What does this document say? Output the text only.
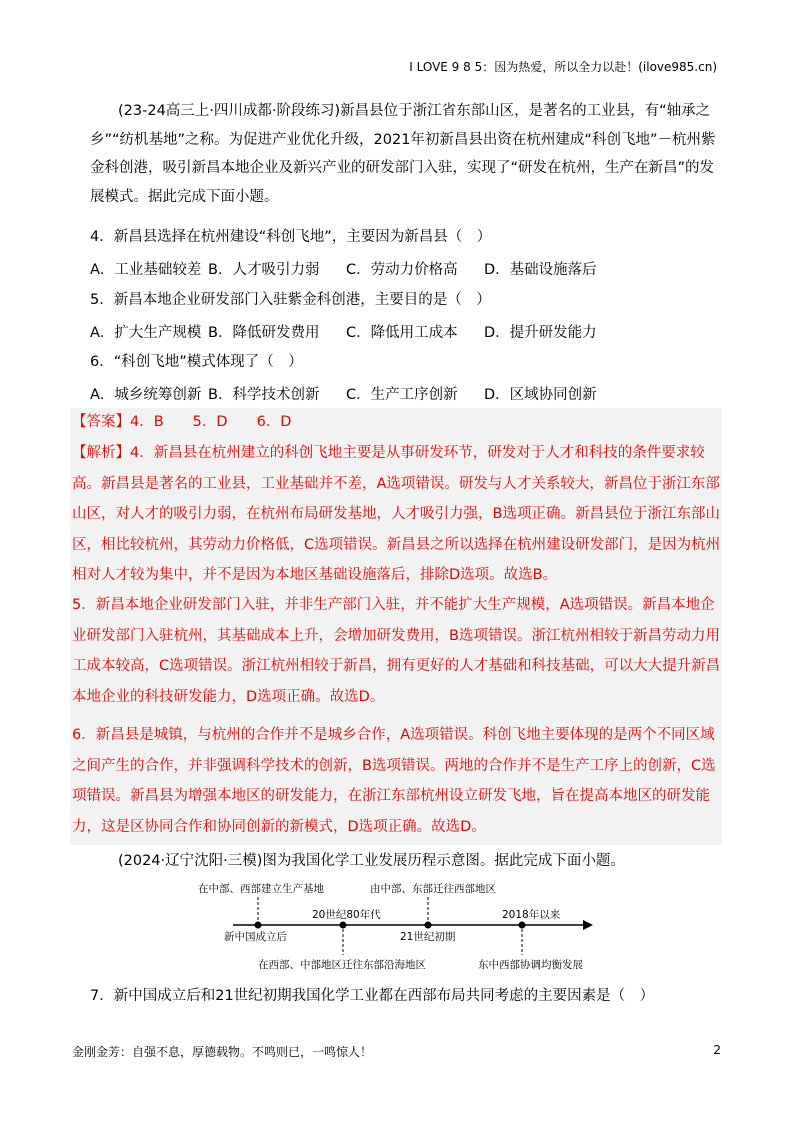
I LOVE 9 8 5：因为热爱，所以全力以赴！(ilove985.cn)
(23-24高三上·四川成都·阶段练习)新昌县位于浙江省东部山区，是著名的工业县，有“轴承之乡”“纺机基地”之称。为促进产业优化升级，2021年初新昌县出资在杭州建成“科创飞地”－杭州紫金科创港，吸引新昌本地企业及新兴产业的研发部门入驻，实现了“研发在杭州，生产在新昌”的发展模式。据此完成下面小题。
4．新昌县选择在杭州建设“科创飞地”，主要因为新昌县（　）
A．工业基础较差 B．人才吸引力弱 C．劳动力价格高 D．基础设施落后
5．新昌本地企业研发部门入驻紫金科创港，主要目的是（　）
A．扩大生产规模 B．降低研发费用 C．降低用工成本 D．提升研发能力
6．“科创飞地”模式体现了（　）
A．城乡统筹创新 B．科学技术创新 C．生产工序创新 D．区域协同创新
【答案】4．B　　5．D　　6．D
【解析】4．新昌县在杭州建立的科创飞地主要是从事研发环节，研发对于人才和科技的条件要求较高。新昌县是著名的工业县，工业基础并不差，A选项错误。研发与人才关系较大，新昌位于浙江东部山区，对人才的吸引力弱，在杭州布局研发基地，人才吸引力强，B选项正确。新昌县位于浙江东部山区，相比较杭州，其劳动力价格低，C选项错误。新昌县之所以选择在杭州建设研发部门，是因为杭州相对人才较为集中，并不是因为本地区基础设施落后，排除D选项。故选B。
5．新昌本地企业研发部门入驻，并非生产部门入驻，并不能扩大生产规模，A选项错误。新昌本地企业研发部门入驻杭州，其基础成本上升，会增加研发费用，B选项错误。浙江杭州相较于新昌劳动力用工成本较高，C选项错误。浙江杭州相较于新昌，拥有更好的人才基础和科技基础，可以大大提升新昌本地企业的科技研发能力，D选项正确。故选D。
6．新昌县是城镇，与杭州的合作并不是城乡合作，A选项错误。科创飞地主要体现的是两个不同区域之间产生的合作，并非强调科学技术的创新，B选项错误。两地的合作并不是生产工序上的创新，C选项错误。新昌县为增强本地区的研发能力，在浙江东部杭州设立研发飞地，旨在提高本地区的研发能力，这是区协同合作和协同创新的新模式，D选项正确。故选D。
(2024·辽宁沈阳·三模)图为我国化学工业发展历程示意图。据此完成下面小题。
在中部、西部建立生产基地	由中部、东部迁往西部地区
20世纪80年代	2018年以来
新中国成立后	21世纪初期
在西部、中部地区迁往东部沿海地区	东中西部协调均衡发展
7．新中国成立后和21世纪初期我国化学工业都在西部布局共同考虑的主要因素是（　）
金刚金芳：自强不息，厚德载物。不鸣则已，一鸣惊人！	2
